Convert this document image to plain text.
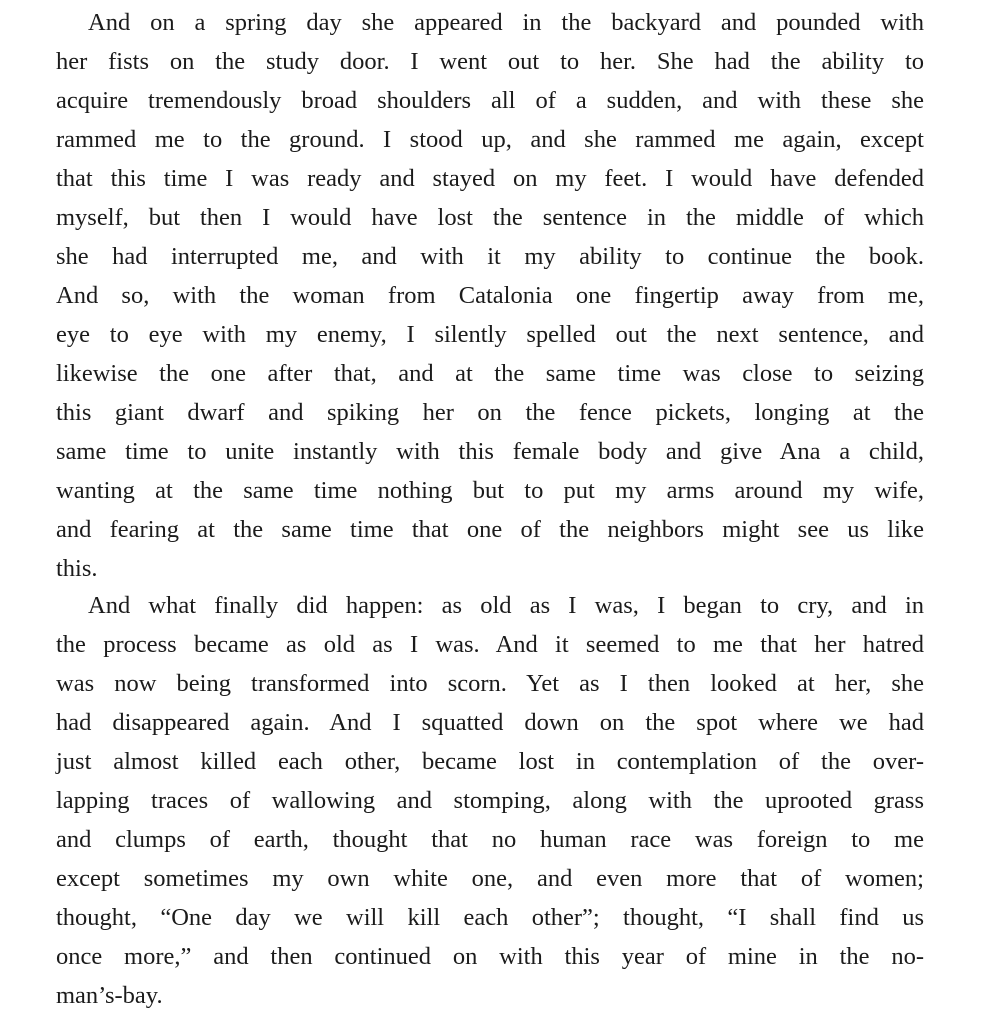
And on a spring day she appeared in the backyard and pounded with

her fists on the study door. I went out to her. She had the ability to

acquire tremendously broad shoulders all of a sudden, and with these she

rammed me to the ground. I stood up, and she rammed me again, except

that this time I was ready and stayed on my feet. I would have defended

myself, but then I would have lost the sentence in the middle of which

she had interrupted me, and with it my ability to continue the book.

And so, with the woman from Catalonia one fingertip away from me,

eye to eye with my enemy, I silently spelled out the next sentence, and

likewise the one after that, and at the same time was close to seizing

this giant dwarf and spiking her on the fence pickets, longing at the

same time to unite instantly with this female body and give Ana a child,

wanting at the same time nothing but to put my arms around my wife,

and fearing at the same time that one of the neighbors might see us like

this.

And what finally did happen: as old as I was, I began to cry, and in

the process became as old as I was. And it seemed to me that her hatred

was now being transformed into scorn. Yet as I then looked at her, she

had disappeared again. And I squatted down on the spot where we had

just almost killed each other, became lost in contemplation of the over-

lapping traces of wallowing and stomping, along with the uprooted grass

and clumps of earth, thought that no human race was foreign to me

except sometimes my own white one, and even more that of women;

thought, “One day we will kill each other”; thought, “I shall find us

once more,” and then continued on with this year of mine in the no-

man’s-bay.
